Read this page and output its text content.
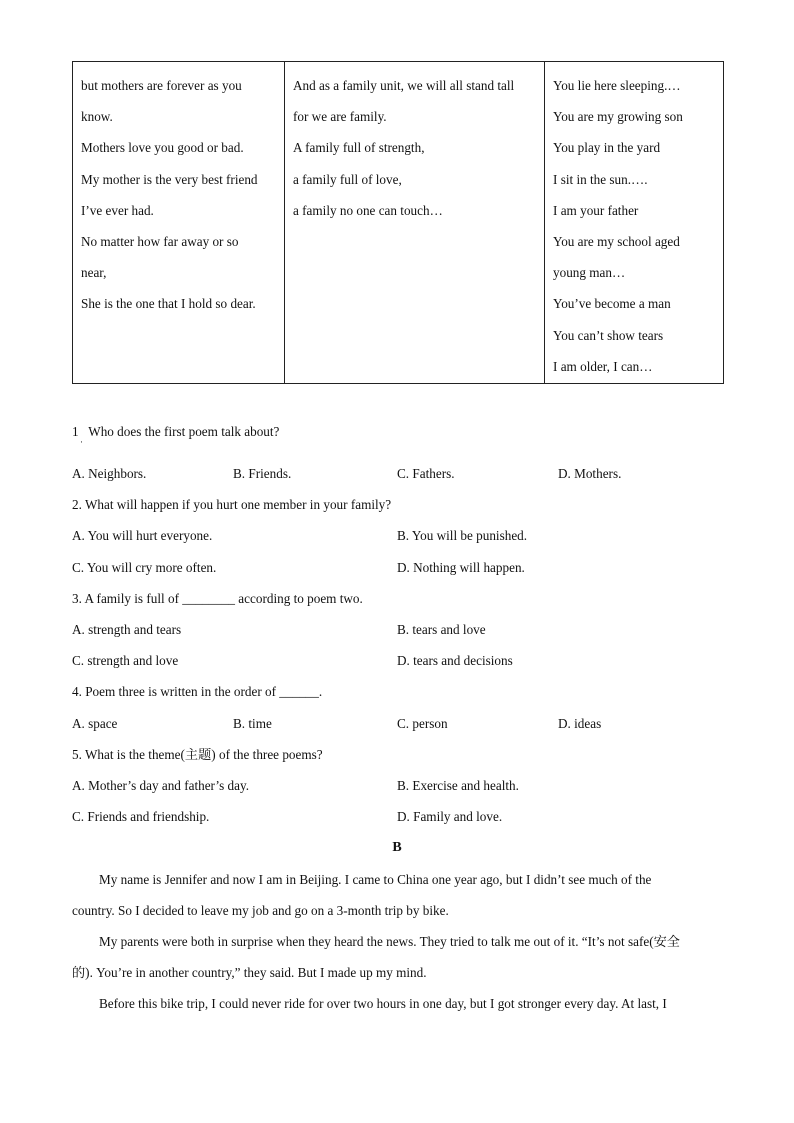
but mothers are forever as you
know.
Mothers love you good or bad.
My mother is the very best friend
I’ve ever had.
No matter how far away or so
near,
She is the one that I hold so dear.

And as a family unit, we will all stand tall
for we are family.
A family full of strength,
a family full of love,
a family no one can touch…

You lie here sleeping.…
You are my growing son
You play in the yard
I sit in the sun.….
I am your father
You are my school aged
young man…
You’ve become a man
You can’t show tears
I am older, I can…
1   Who does the first poem talk about?
·
A. Neighbors.	B. Friends.	C. Fathers.	D. Mothers.
2. What will happen if you hurt one member in your family?
A. You will hurt everyone.	B. You will be punished.
C. You will cry more often.	D. Nothing will happen.
3. A family is full of ________ according to poem two.
A. strength and tears	B. tears and love
C. strength and love	D. tears and decisions
4. Poem three is written in the order of ______.
A. space	B. time	C. person	D. ideas
5. What is the theme(主题) of the three poems?
A. Mother’s day and father’s day.	B. Exercise and health.
C. Friends and friendship.	D. Family and love.
B
My name is Jennifer and now I am in Beijing. I came to China one year ago, but I didn’t see much of the
country. So I decided to leave my job and go on a 3-month trip by bike.
My parents were both in surprise when they heard the news. They tried to talk me out of it. “It’s not safe(安全
的). You’re in another country,” they said. But I made up my mind.
Before this bike trip, I could never ride for over two hours in one day, but I got stronger every day. At last, I
